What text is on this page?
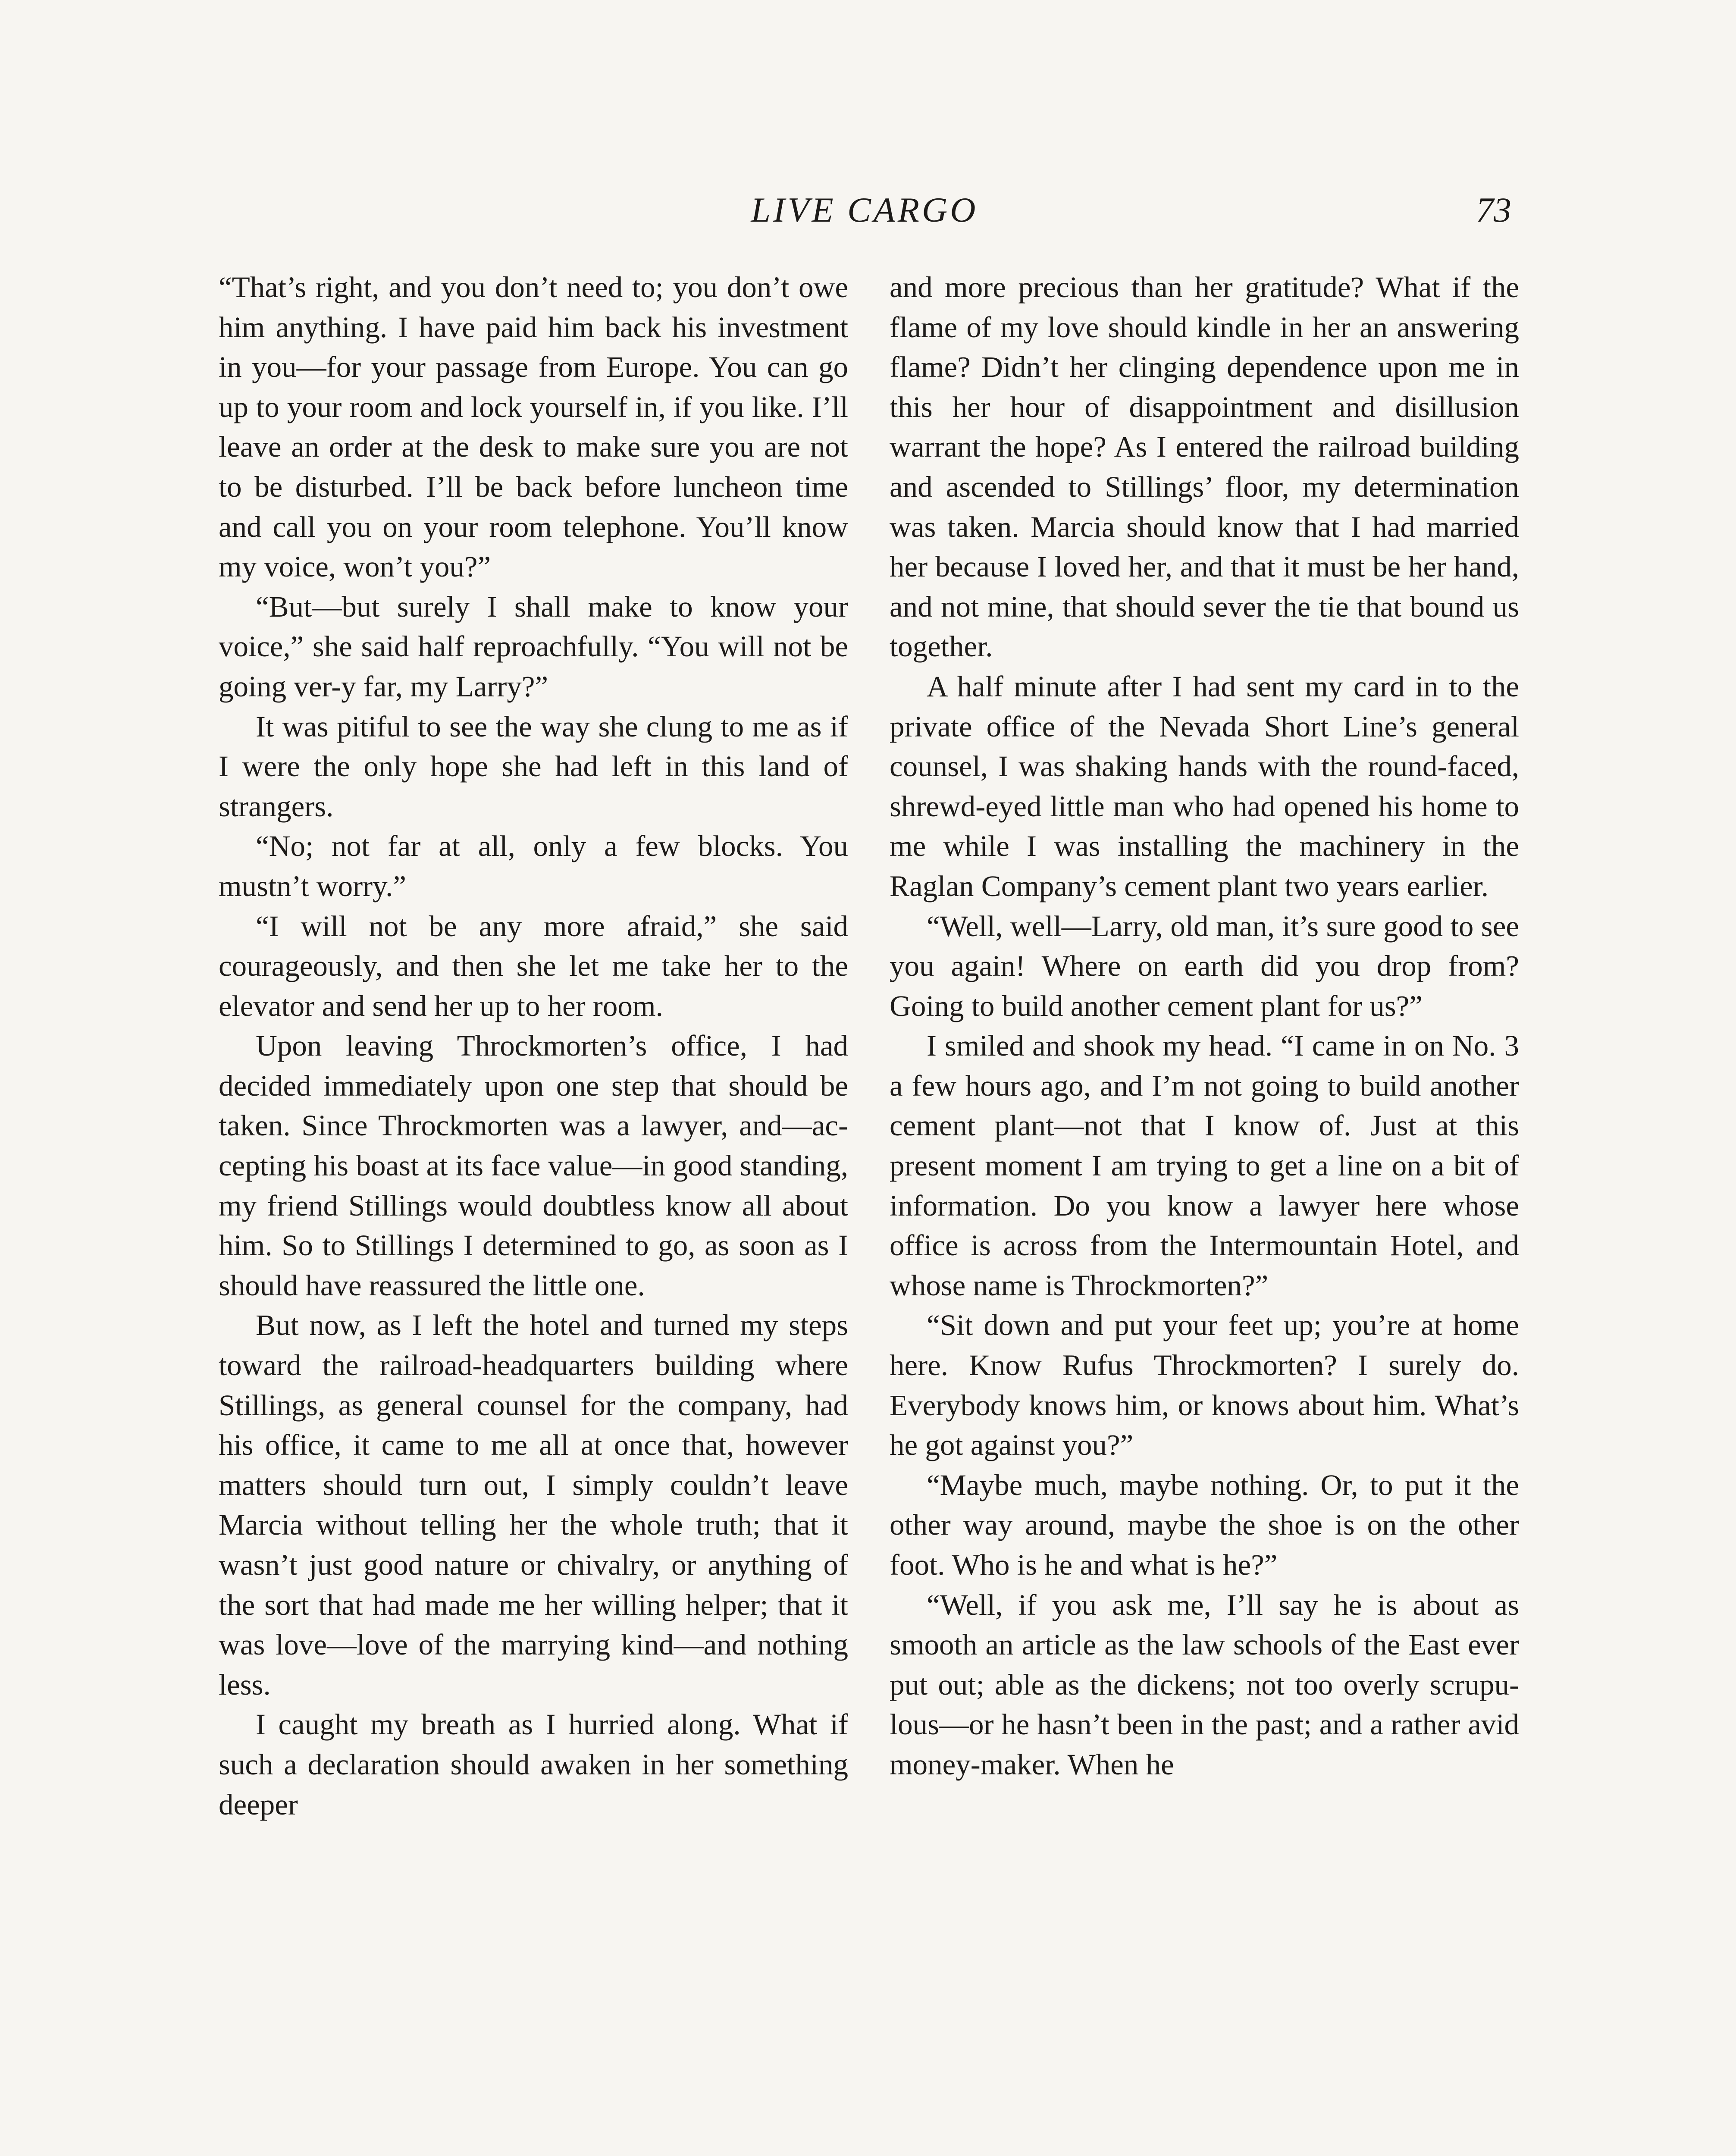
LIVE CARGO	73

“That’s right, and you don’t need to; you don’t owe him anything. I have paid him back his investment in you—for your passage from Europe. You can go up to your room and lock yourself in, if you like. I’ll leave an order at the desk to make sure you are not to be disturbed. I’ll be back before luncheon time and call you on your room telephone. You’ll know my voice, won’t you?”

“But—but surely I shall make to know your voice,” she said half reproachfully. “You will not be going ver-y far, my Larry?”

It was pitiful to see the way she clung to me as if I were the only hope she had left in this land of strangers.

“No; not far at all, only a few blocks. You mustn’t worry.”

“I will not be any more afraid,” she said courageously, and then she let me take her to the elevator and send her up to her room.

Upon leaving Throckmorten’s office, I had decided immediately upon one step that should be taken. Since Throckmorten was a lawyer, and—accepting his boast at its face value—in good standing, my friend Stillings would doubtless know all about him. So to Stillings I determined to go, as soon as I should have reassured the little one.

But now, as I left the hotel and turned my steps toward the railroad-headquarters building where Stillings, as general counsel for the company, had his office, it came to me all at once that, however matters should turn out, I simply couldn’t leave Marcia without telling her the whole truth; that it wasn’t just good nature or chivalry, or anything of the sort that had made me her willing helper; that it was love—love of the marrying kind—and nothing less.

I caught my breath as I hurried along. What if such a declaration should awaken in her something deeper

and more precious than her gratitude? What if the flame of my love should kindle in her an answering flame? Didn’t her clinging dependence upon me in this her hour of disappointment and disillusion warrant the hope? As I entered the railroad building and ascended to Stillings’ floor, my determination was taken. Marcia should know that I had married her because I loved her, and that it must be her hand, and not mine, that should sever the tie that bound us together.

A half minute after I had sent my card in to the private office of the Nevada Short Line’s general counsel, I was shaking hands with the round-faced, shrewd-eyed little man who had opened his home to me while I was installing the machinery in the Raglan Company’s cement plant two years earlier.

“Well, well—Larry, old man, it’s sure good to see you again! Where on earth did you drop from? Going to build another cement plant for us?”

I smiled and shook my head. “I came in on No. 3 a few hours ago, and I’m not going to build another cement plant—not that I know of. Just at this present moment I am trying to get a line on a bit of information. Do you know a lawyer here whose office is across from the Intermountain Hotel, and whose name is Throckmorten?”

“Sit down and put your feet up; you’re at home here. Know Rufus Throckmorten? I surely do. Everybody knows him, or knows about him. What’s he got against you?”

“Maybe much, maybe nothing. Or, to put it the other way around, maybe the shoe is on the other foot. Who is he and what is he?”

“Well, if you ask me, I’ll say he is about as smooth an article as the law schools of the East ever put out; able as the dickens; not too overly scrupulous—or he hasn’t been in the past; and a rather avid money-maker. When he
